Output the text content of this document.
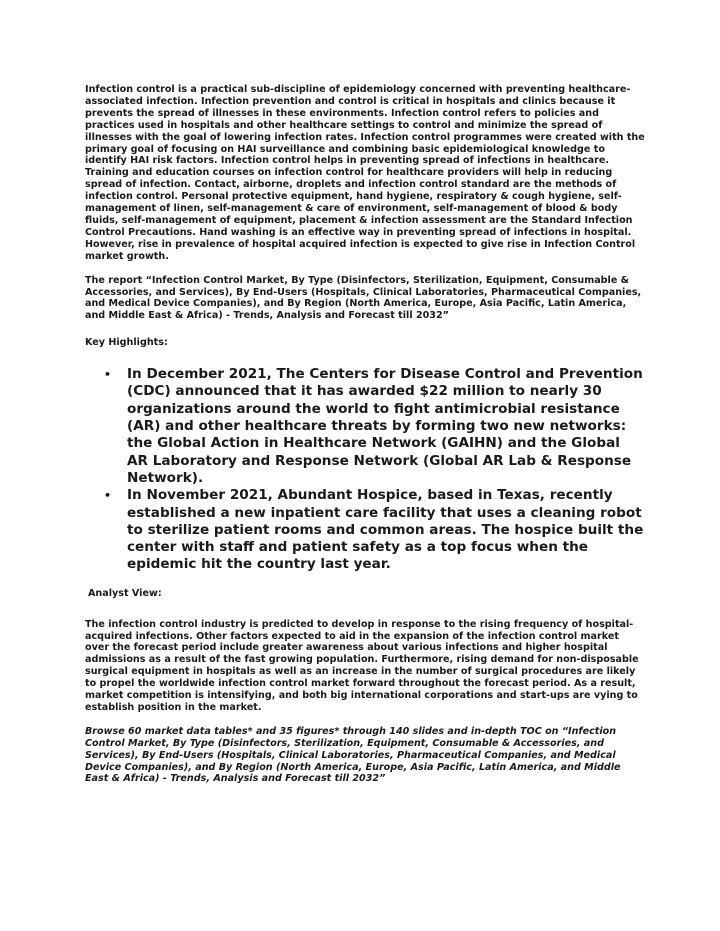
Infection control is a practical sub-discipline of epidemiology concerned with preventing healthcare-associated infection. Infection prevention and control is critical in hospitals and clinics because it prevents the spread of illnesses in these environments. Infection control refers to policies and practices used in hospitals and other healthcare settings to control and minimize the spread of illnesses with the goal of lowering infection rates. Infection control programmes were created with the primary goal of focusing on HAI surveillance and combining basic epidemiological knowledge to identify HAI risk factors. Infection control helps in preventing spread of infections in healthcare. Training and education courses on infection control for healthcare providers will help in reducing spread of infection. Contact, airborne, droplets and infection control standard are the methods of infection control. Personal protective equipment, hand hygiene, respiratory & cough hygiene, self-management of linen, self-management & care of environment, self-management of blood & body fluids, self-management of equipment, placement & infection assessment are the Standard Infection Control Precautions. Hand washing is an effective way in preventing spread of infections in hospital. However, rise in prevalence of hospital acquired infection is expected to give rise in Infection Control market growth.

The report “Infection Control Market, By Type (Disinfectors, Sterilization, Equipment, Consumable & Accessories, and Services), By End-Users (Hospitals, Clinical Laboratories, Pharmaceutical Companies, and Medical Device Companies), and By Region (North America, Europe, Asia Pacific, Latin America, and Middle East & Africa) - Trends, Analysis and Forecast till 2032”

Key Highlights:

• In December 2021, The Centers for Disease Control and Prevention (CDC) announced that it has awarded $22 million to nearly 30 organizations around the world to fight antimicrobial resistance (AR) and other healthcare threats by forming two new networks: the Global Action in Healthcare Network (GAIHN) and the Global AR Laboratory and Response Network (Global AR Lab & Response Network).
• In November 2021, Abundant Hospice, based in Texas, recently established a new inpatient care facility that uses a cleaning robot to sterilize patient rooms and common areas. The hospice built the center with staff and patient safety as a top focus when the epidemic hit the country last year.

Analyst View:

The infection control industry is predicted to develop in response to the rising frequency of hospital-acquired infections. Other factors expected to aid in the expansion of the infection control market over the forecast period include greater awareness about various infections and higher hospital admissions as a result of the fast growing population. Furthermore, rising demand for non-disposable surgical equipment in hospitals as well as an increase in the number of surgical procedures are likely to propel the worldwide infection control market forward throughout the forecast period. As a result, market competition is intensifying, and both big international corporations and start-ups are vying to establish position in the market.

Browse 60 market data tables* and 35 figures* through 140 slides and in-depth TOC on “Infection Control Market, By Type (Disinfectors, Sterilization, Equipment, Consumable & Accessories, and Services), By End-Users (Hospitals, Clinical Laboratories, Pharmaceutical Companies, and Medical Device Companies), and By Region (North America, Europe, Asia Pacific, Latin America, and Middle East & Africa) - Trends, Analysis and Forecast till 2032”
